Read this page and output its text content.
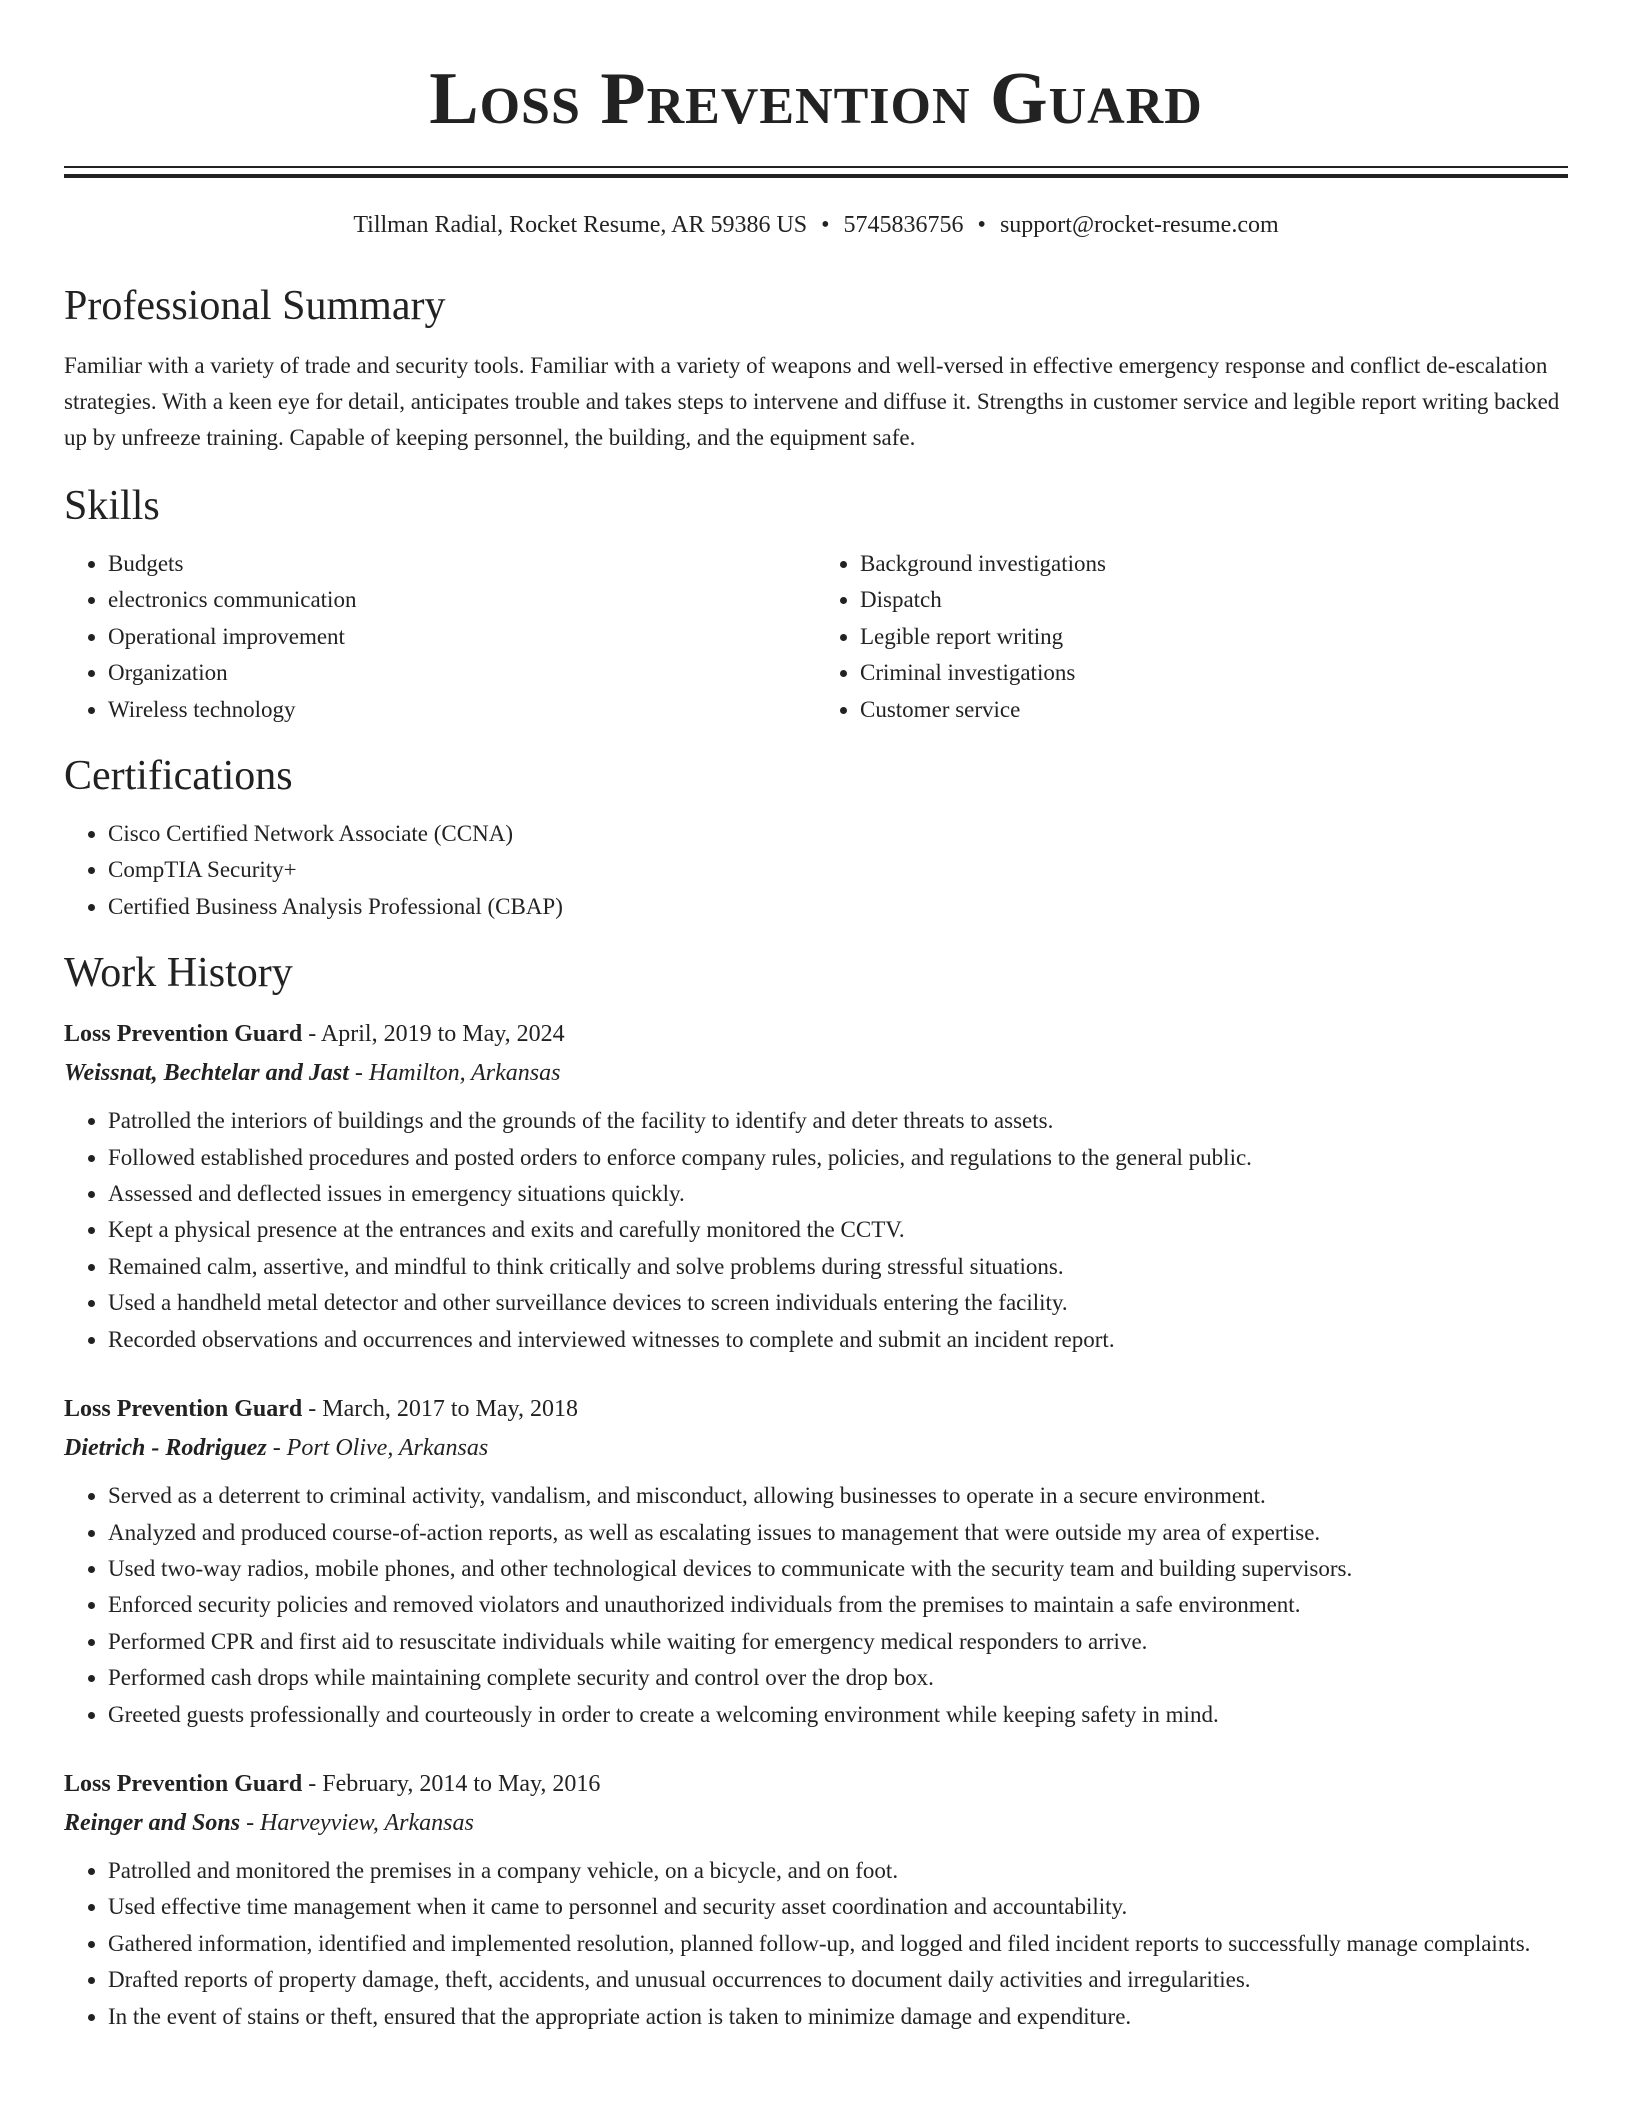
Loss Prevention Guard
Tillman Radial, Rocket Resume, AR 59386 US • 5745836756 • support@rocket-resume.com
Professional Summary

Familiar with a variety of trade and security tools. Familiar with a variety of weapons and well-versed in effective emergency response and conflict de-escalation strategies. With a keen eye for detail, anticipates trouble and takes steps to intervene and diffuse it. Strengths in customer service and legible report writing backed up by unfreeze training. Capable of keeping personnel, the building, and the equipment safe.

Skills
• Budgets
• electronics communication
• Operational improvement
• Organization
• Wireless technology
• Background investigations
• Dispatch
• Legible report writing
• Criminal investigations
• Customer service
Certifications
• Cisco Certified Network Associate (CCNA)
• CompTIA Security+
• Certified Business Analysis Professional (CBAP)
Work History
Loss Prevention Guard - April, 2019 to May, 2024
Weissnat, Bechtelar and Jast - Hamilton, Arkansas
• Patrolled the interiors of buildings and the grounds of the facility to identify and deter threats to assets.
• Followed established procedures and posted orders to enforce company rules, policies, and regulations to the general public.
• Assessed and deflected issues in emergency situations quickly.
• Kept a physical presence at the entrances and exits and carefully monitored the CCTV.
• Remained calm, assertive, and mindful to think critically and solve problems during stressful situations.
• Used a handheld metal detector and other surveillance devices to screen individuals entering the facility.
• Recorded observations and occurrences and interviewed witnesses to complete and submit an incident report.
Loss Prevention Guard - March, 2017 to May, 2018
Dietrich - Rodriguez - Port Olive, Arkansas
• Served as a deterrent to criminal activity, vandalism, and misconduct, allowing businesses to operate in a secure environment.
• Analyzed and produced course-of-action reports, as well as escalating issues to management that were outside my area of expertise.
• Used two-way radios, mobile phones, and other technological devices to communicate with the security team and building supervisors.
• Enforced security policies and removed violators and unauthorized individuals from the premises to maintain a safe environment.
• Performed CPR and first aid to resuscitate individuals while waiting for emergency medical responders to arrive.
• Performed cash drops while maintaining complete security and control over the drop box.
• Greeted guests professionally and courteously in order to create a welcoming environment while keeping safety in mind.
Loss Prevention Guard - February, 2014 to May, 2016
Reinger and Sons - Harveyview, Arkansas
• Patrolled and monitored the premises in a company vehicle, on a bicycle, and on foot.
• Used effective time management when it came to personnel and security asset coordination and accountability.
• Gathered information, identified and implemented resolution, planned follow-up, and logged and filed incident reports to successfully manage complaints.
• Drafted reports of property damage, theft, accidents, and unusual occurrences to document daily activities and irregularities.
• In the event of stains or theft, ensured that the appropriate action is taken to minimize damage and expenditure.
